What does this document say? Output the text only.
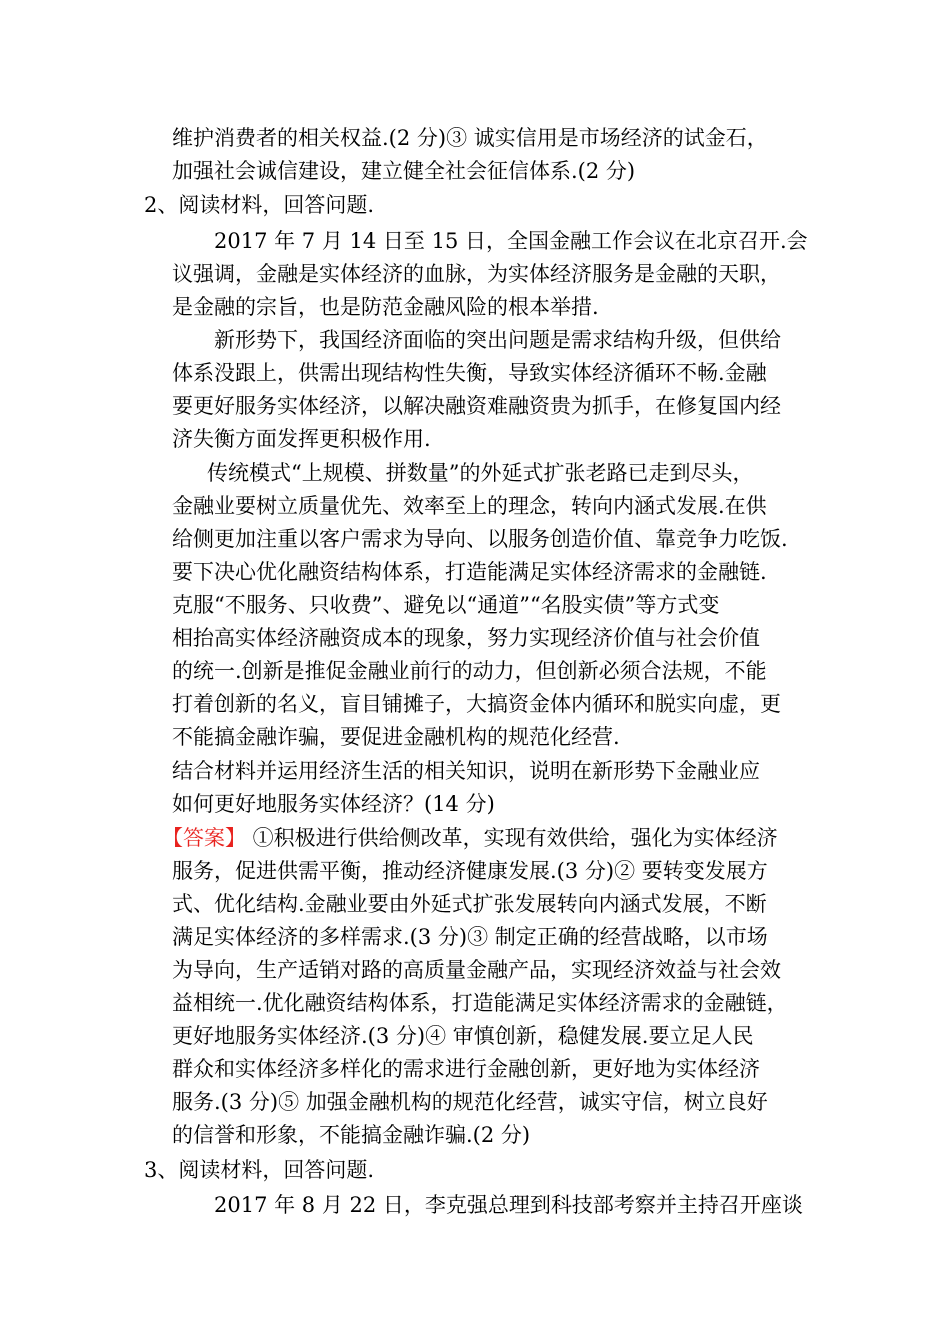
维护消费者的相关权益.(2 分)③ 诚实信用是市场经济的试金石，
加强社会诚信建设，建立健全社会征信体系.(2 分)
2、阅读材料，回答问题.
2017 年 7 月 14 日至 15 日，全国金融工作会议在北京召开.会
议强调，金融是实体经济的血脉，为实体经济服务是金融的天职，
是金融的宗旨，也是防范金融风险的根本举措.
新形势下，我国经济面临的突出问题是需求结构升级，但供给
体系没跟上，供需出现结构性失衡，导致实体经济循环不畅.金融
要更好服务实体经济，以解决融资难融资贵为抓手，在修复国内经
济失衡方面发挥更积极作用.
传统模式“上规模、拼数量”的外延式扩张老路已走到尽头，
金融业要树立质量优先、效率至上的理念，转向内涵式发展.在供
给侧更加注重以客户需求为导向、以服务创造价值、靠竞争力吃饭.
要下决心优化融资结构体系，打造能满足实体经济需求的金融链.
克服“不服务、只收费”、避免以“通道”“名股实债”等方式变
相抬高实体经济融资成本的现象，努力实现经济价值与社会价值
的统一.创新是推促金融业前行的动力，但创新必须合法规，不能
打着创新的名义，盲目铺摊子，大搞资金体内循环和脱实向虚，更
不能搞金融诈骗，要促进金融机构的规范化经营.
结合材料并运用经济生活的相关知识，说明在新形势下金融业应
如何更好地服务实体经济？(14 分)
【答案】 ①积极进行供给侧改革，实现有效供给，强化为实体经济
服务，促进供需平衡，推动经济健康发展.(3 分)② 要转变发展方
式、优化结构.金融业要由外延式扩张发展转向内涵式发展，不断
满足实体经济的多样需求.(3 分)③ 制定正确的经营战略，以市场
为导向，生产适销对路的高质量金融产品，实现经济效益与社会效
益相统一.优化融资结构体系，打造能满足实体经济需求的金融链，
更好地服务实体经济.(3 分)④ 审慎创新，稳健发展.要立足人民
群众和实体经济多样化的需求进行金融创新，更好地为实体经济
服务.(3 分)⑤ 加强金融机构的规范化经营，诚实守信，树立良好
的信誉和形象，不能搞金融诈骗.(2 分)
3、阅读材料，回答问题.
2017 年 8 月 22 日，李克强总理到科技部考察并主持召开座谈
